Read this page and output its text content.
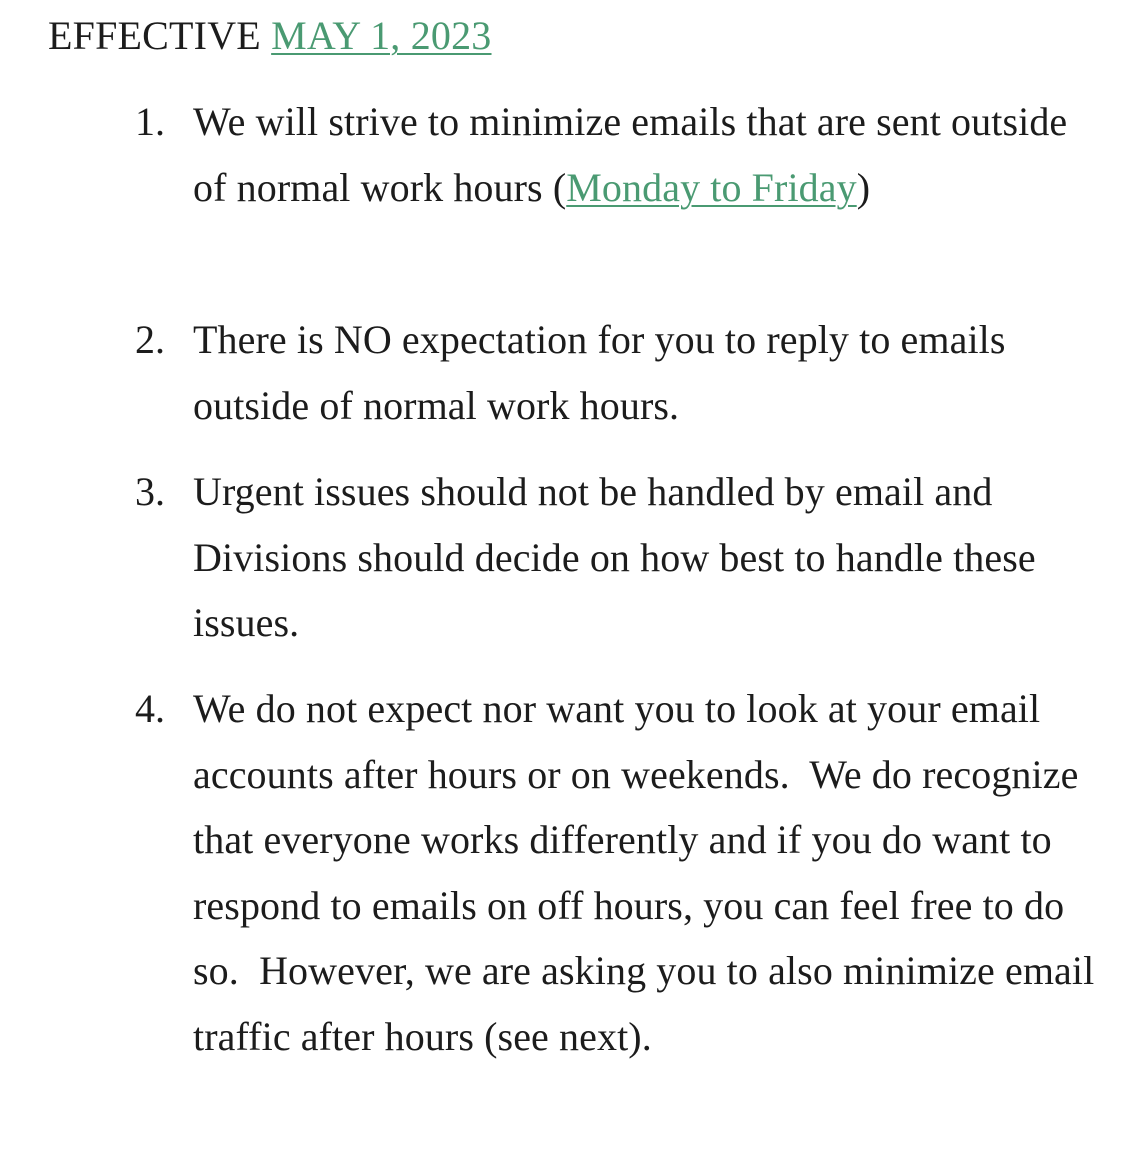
EFFECTIVE MAY 1, 2023
1. We will strive to minimize emails that are sent outside of normal work hours (Monday to Friday)
2. There is NO expectation for you to reply to emails outside of normal work hours.
3. Urgent issues should not be handled by email and Divisions should decide on how best to handle these issues.
4. We do not expect nor want you to look at your email accounts after hours or on weekends.  We do recognize that everyone works differently and if you do want to respond to emails on off hours, you can feel free to do so.  However, we are asking you to also minimize email traffic after hours (see next).
